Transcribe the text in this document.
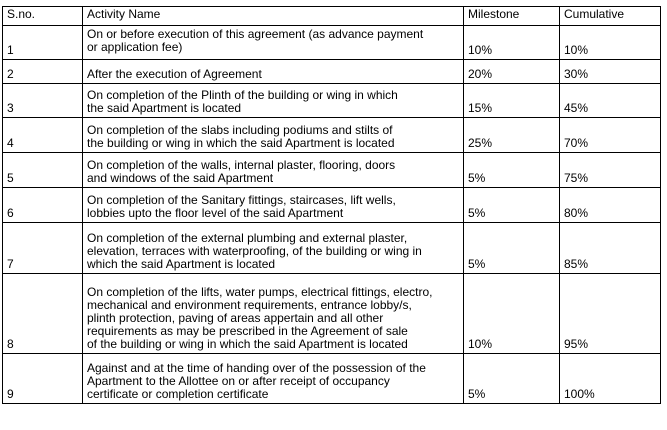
S.no.	Activity Name	Milestone	Cumulative
1	On or before execution of this agreement (as advance payment
or application fee)	10%	10%
2	After the execution of Agreement	20%	30%
3	On completion of the Plinth of the building or wing in which
the said Apartment is located	15%	45%
4	On completion of the slabs including podiums and stilts of
the building or wing in which the said Apartment is located	25%	70%
5	On completion of the walls, internal plaster, flooring, doors
and windows of the said Apartment	5%	75%
6	On completion of the Sanitary fittings, staircases, lift wells,
lobbies upto the floor level of the said Apartment	5%	80%
7	On completion of the external plumbing and external plaster,
elevation, terraces with waterproofing, of the building or wing in
which the said Apartment is located	5%	85%
8	On completion of the lifts, water pumps, electrical fittings, electro,
mechanical and environment requirements, entrance lobby/s,
plinth protection, paving of areas appertain and all other
requirements as may be prescribed in the Agreement of sale
of the building or wing in which the said Apartment is located	10%	95%
9	Against and at the time of handing over of the possession of the
Apartment to the Allottee on or after receipt of occupancy
certificate or completion certificate	5%	100%
